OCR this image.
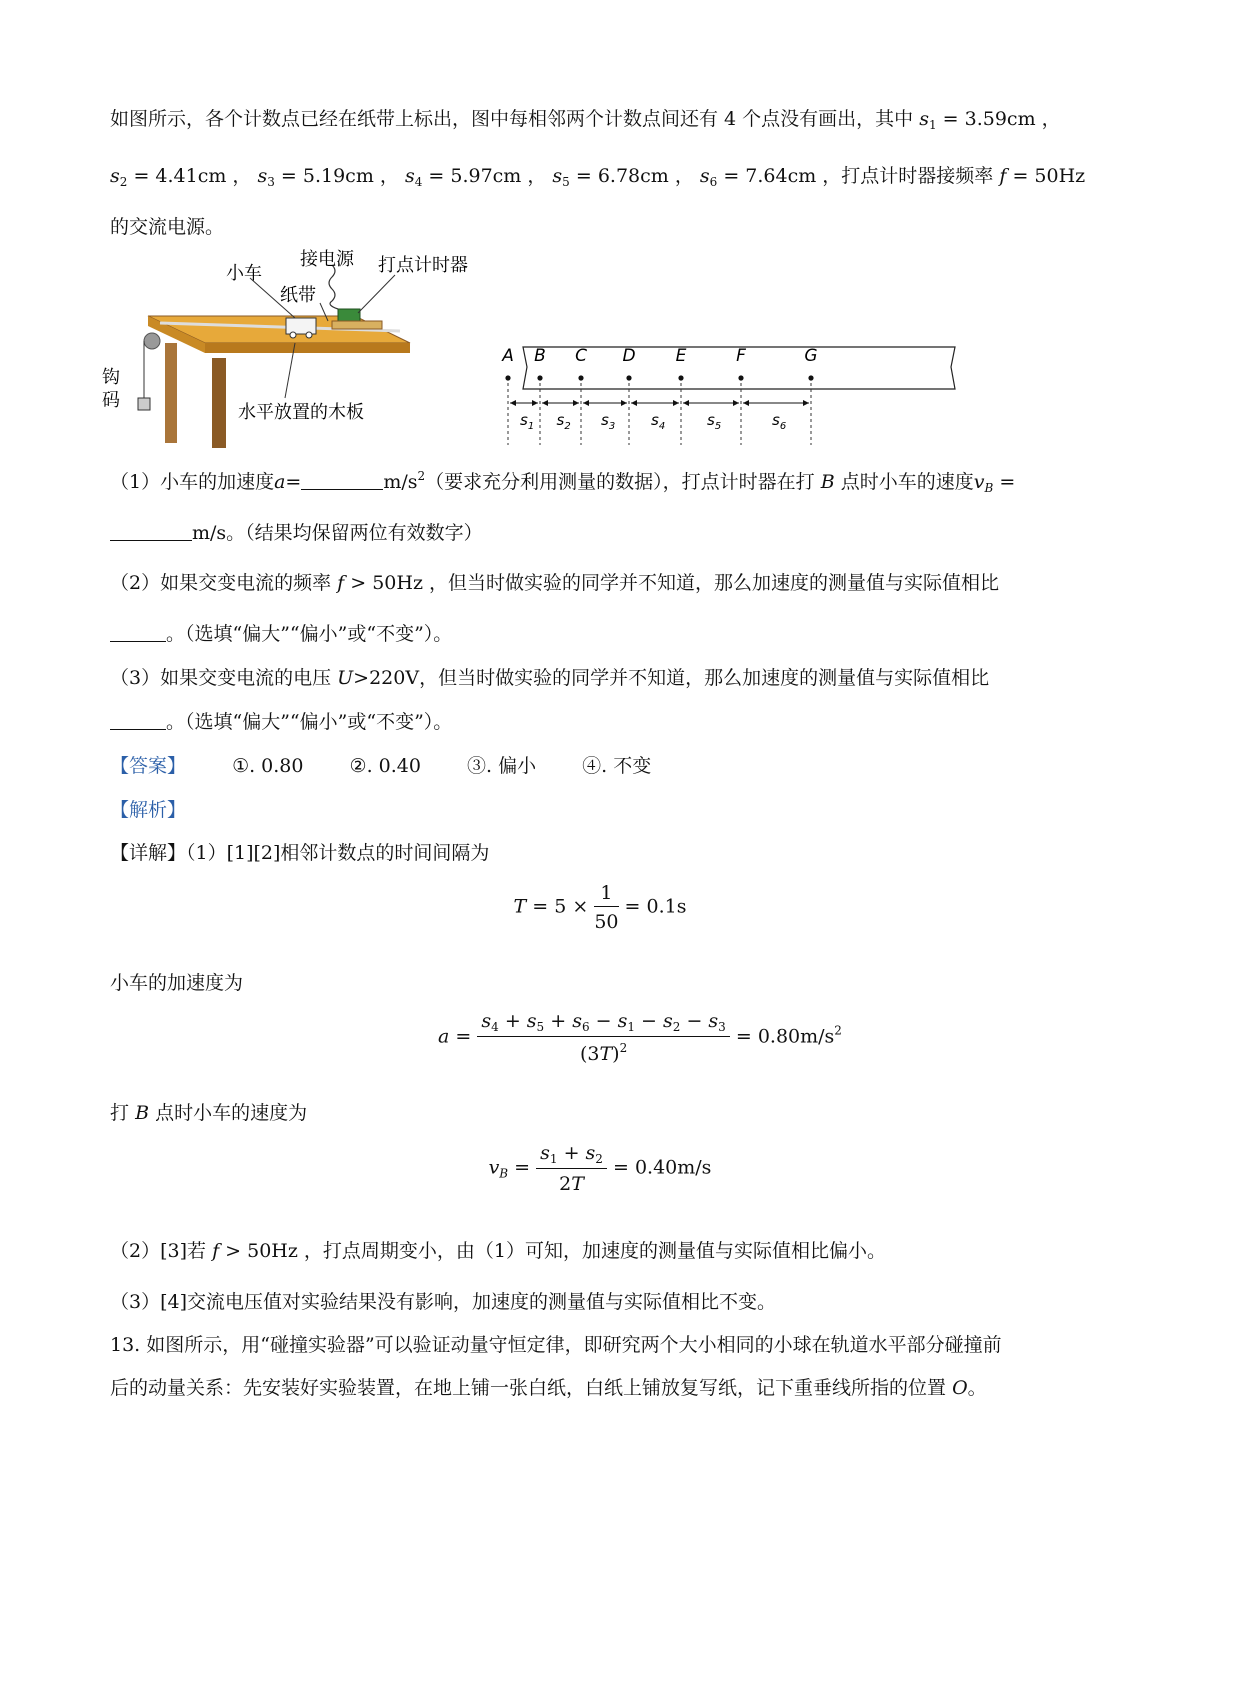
如图所示，各个计数点已经在纸带上标出，图中每相邻两个计数点间还有 4 个点没有画出，其中 $s_1 = 3.59cm$ ，
$s_2 = 4.41cm$ ， $s_3 = 5.19cm$ ， $s_4 = 5.97cm$ ， $s_5 = 6.78cm$ ， $s_6 = 7.64cm$ ，打点计时器接频率 f = 50Hz
的交流电源。
小车
接电源 打点计时器
纸带
钩
码
水平放置的木板
A B C D E	F	G
$s_1$ $s_2$ $s_3$ $s_4$	$s_5$	$s_6$
（1）小车的加速度a=	$m/s^2$（要求充分利用测量的数据），打点计时器在打 B 点时小车的速度$v_B$ =
m/s。（结果均保留两位有效数字）
（2）如果交变电流的频率 f > 50Hz ，但当时做实验的同学并不知道，那么加速度的测量值与实际值相比
。（选填“偏大”“偏小”或“不变”）。
（3）如果交变电流的电压 U>220V，但当时做实验的同学并不知道，那么加速度的测量值与实际值相比
。（选填“偏大”“偏小”或“不变”）。
【答案】 ①. 0.80 ②. 0.40 ③. 偏小 ④. 不变
【解析】
【详解】（1）[1][2]相邻计数点的时间间隔为
$T = 5 \times \frac{1}{50} = 0.1s$
小车的加速度为
$a = \frac{s_4 + s_5 + s_6 - s_1 - s_2 - s_3}{(3T)^2} = 0.80m/s^2$
打 B 点时小车的速度为
$v_B = \frac{s_1 + s_2}{2T} = 0.40m/s$
（2）[3]若 f > 50Hz ，打点周期变小，由（1）可知，加速度的测量值与实际值相比偏小。
（3）[4]交流电压值对实验结果没有影响，加速度的测量值与实际值相比不变。
13. 如图所示，用“碰撞实验器”可以验证动量守恒定律，即研究两个大小相同的小球在轨道水平部分碰撞前
后的动量关系：先安装好实验装置，在地上铺一张白纸，白纸上铺放复写纸，记下重垂线所指的位置 O。
